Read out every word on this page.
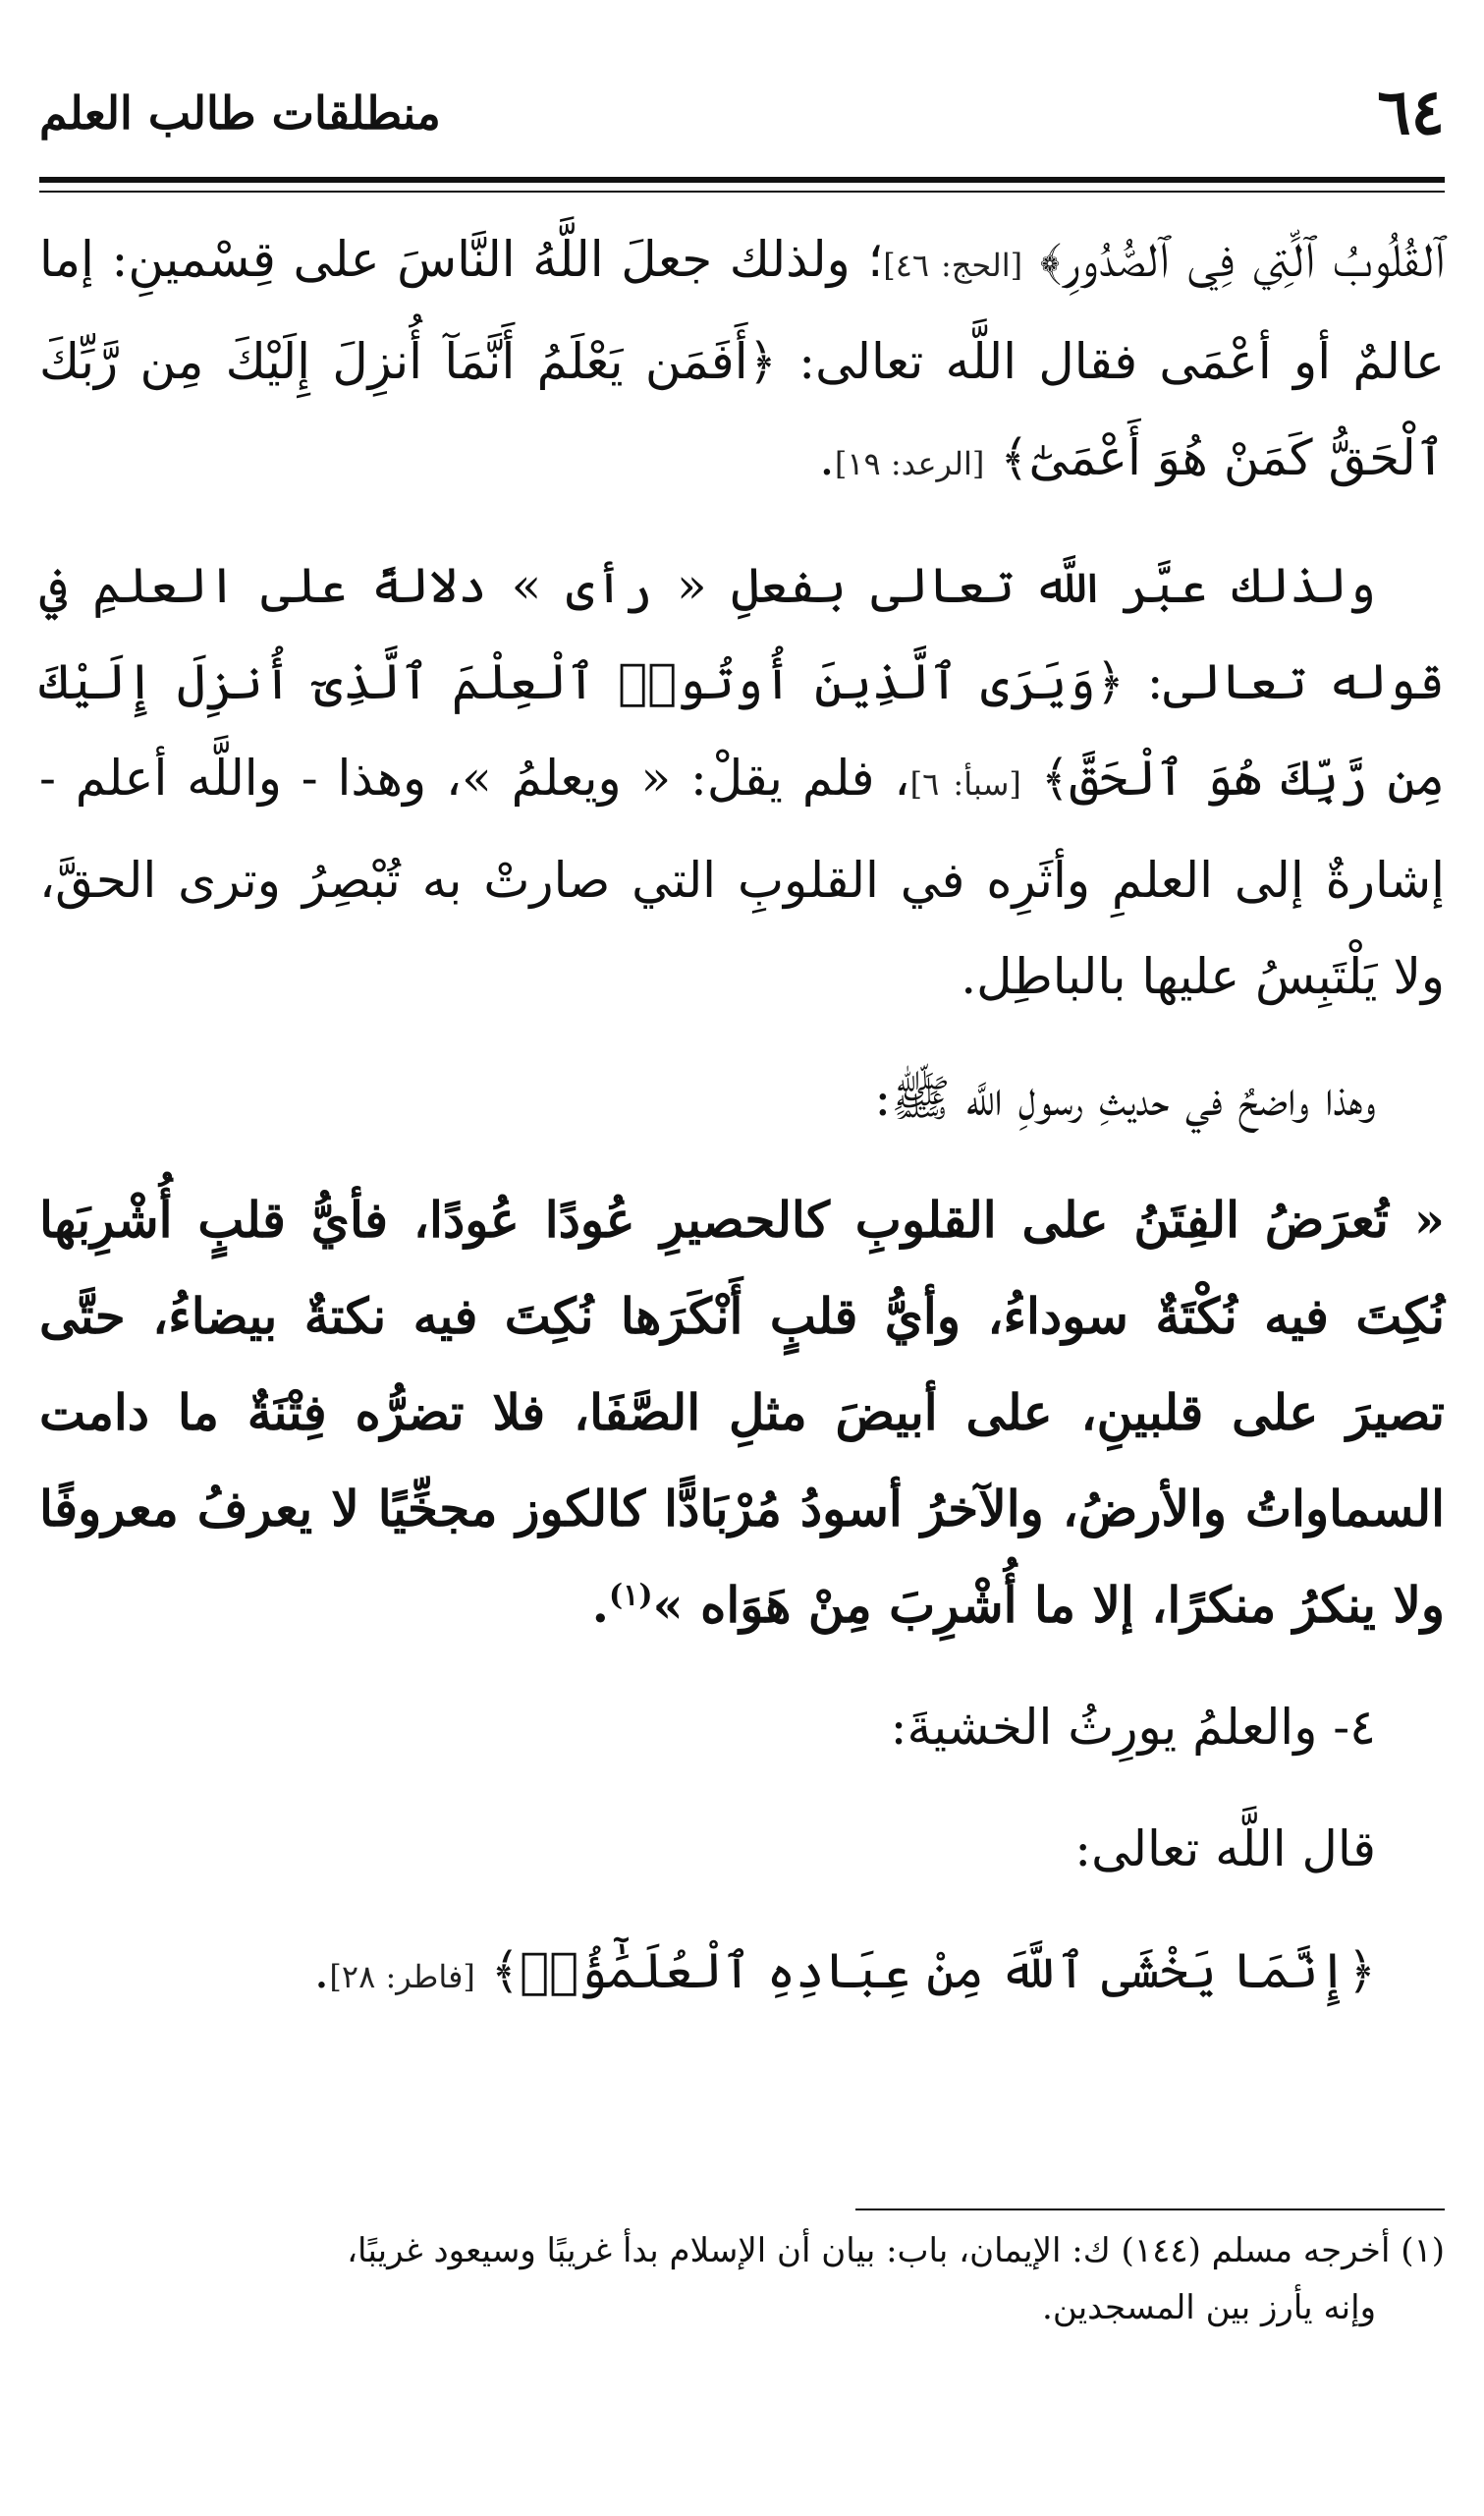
٦٤
منطلقات طالب العلم

ﭐﻟﻘُﻠُﻮﺏُ ﭐﻟَّﺘِﻲ ﻓِﻲ ﭐﻟﺼُّﺪُﻭﺭِ﴾ [الحج: ٤٦]؛ ولذلك جعلَ اللَّهُ النَّاسَ على قِسْمينِ: إما عالمٌ أو أعْمَى فقال اللَّه تعالى: ﴿أَفَمَن يَعْلَمُ أَنَّمَآ أُنزِلَ إِلَيْكَ مِن رَّبِّكَ ٱلْحَقُّ كَمَنْ هُوَ أَعْمَىٰٓ﴾ [الرعد: ١٩].

ولذلك عبَّر اللَّه تعالى بفعلِ « رأى » دلالةً على العلمِ في قوله تعالى: ﴿وَيَرَى ٱلَّذِينَ أُوتُوا۟ ٱلْعِلْمَ ٱلَّذِىٓ أُنزِلَ إِلَيْكَ مِن رَّبِّكَ هُوَ ٱلْحَقَّ﴾ [سبأ: ٦]، فلم يقلْ: « ويعلمُ »، وهذا - واللَّه أعلم - إشارةٌ إلى العلمِ وأثَرِه في القلوبِ التي صارتْ به تُبْصِرُ وترى الحقَّ، ولا يَلْتَبِسُ عليها بالباطِل.

وهذا واضحٌ في حديثِ رسولِ اللَّه ﷺ:

« تُعرَضُ الفِتَنُ على القلوبِ كالحصيرِ عُودًا عُودًا، فأيُّ قلبٍ أُشْرِبَها نُكِتَ فيه نُكْتَةٌ سوداءُ، وأيُّ قلبٍ أَنْكَرَها نُكِتَ فيه نكتةٌ بيضاءُ، حتَّى تصيرَ على قلبينِ، على أبيضَ مثلِ الصَّفَا، فلا تضرُّه فِتْنَةٌ ما دامت السماواتُ والأرضُ، والآخرُ أسودُ مُرْبَادًّا كالكوز مجخِّيًا لا يعرفُ معروفًا ولا ينكرُ منكرًا، إلا ما أُشْرِبَ مِنْ هَوَاه »$^{(١)}$.

٤- والعلمُ يورِثُ الخشيةَ:

قال اللَّه تعالى:

﴿إِنَّمَا يَخْشَى ٱللَّهَ مِنْ عِبَادِهِ ٱلْعُلَمَٰٓؤُا۟﴾ [فاطر: ٢٨].

(١) أخرجه مسلم (١٤٤) ك: الإيمان، باب: بيان أن الإسلام بدأ غريبًا وسيعود غريبًا،
وإنه يأرز بين المسجدين.
